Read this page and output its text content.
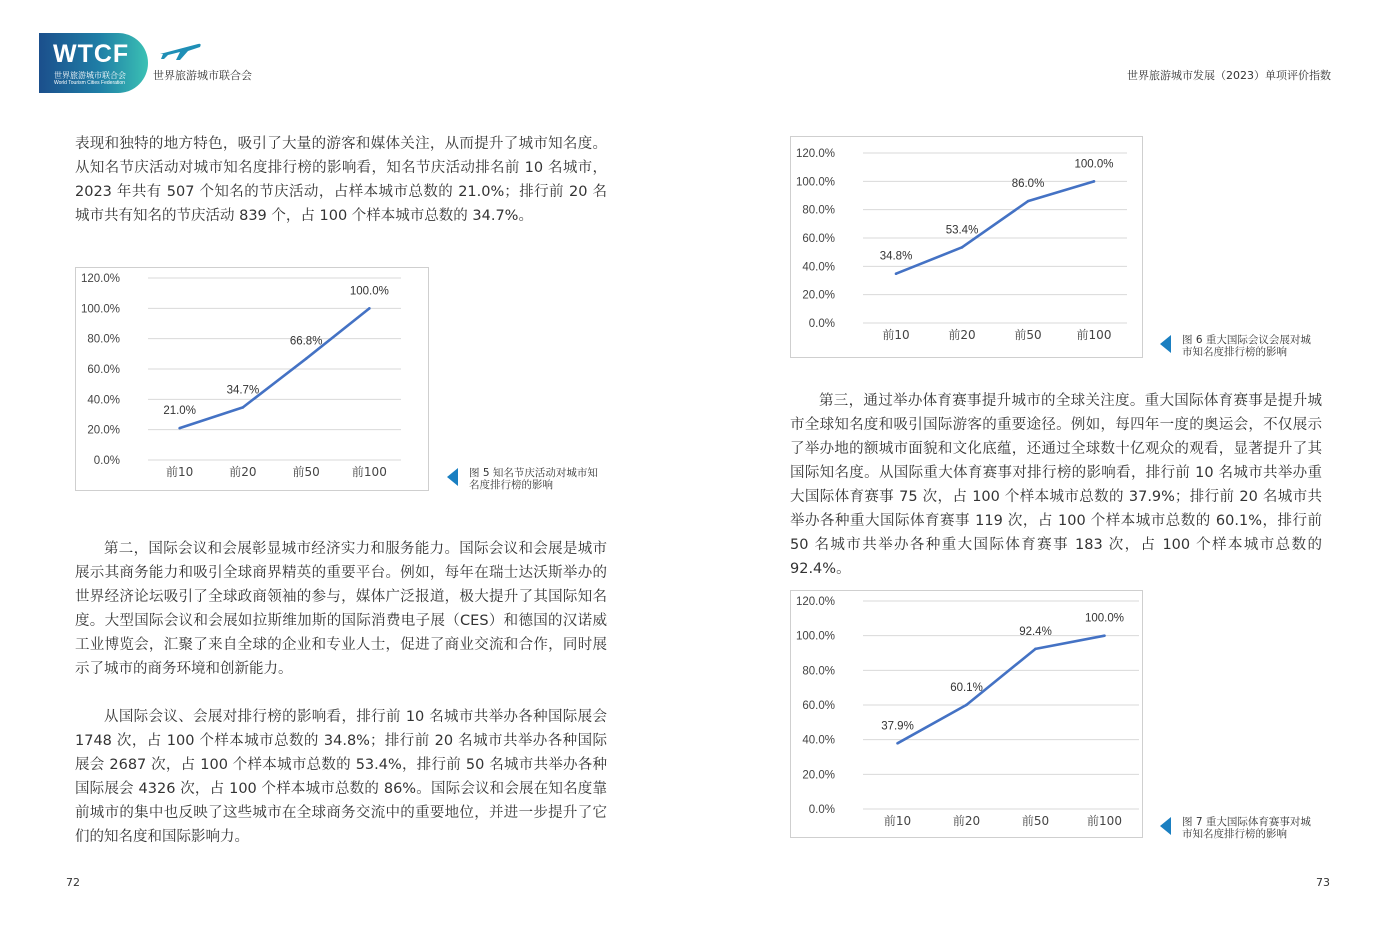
WTCF
世界旅游城市联合会
World Tourism Cities Federation
世界旅游城市联合会	世界旅游城市发展（2023）单项评价指数

表现和独特的地方特色，吸引了大量的游客和媒体关注，从而提升了城市知名度。从知名节庆活动对城市知名度排行榜的影响看，知名节庆活动排名前 10 名城市，2023 年共有 507 个知名的节庆活动，占样本城市总数的 21.0%；排行前 20 名城市共有知名的节庆活动 839 个，占 100 个样本城市总数的 34.7%。

0.0%
20.0%
40.0%
60.0%
80.0%
100.0%
120.0%
前10	前20	前50	前100
21.0%
34.7%
66.8%
100.0%
图 5 知名节庆活动对城市知名度排行榜的影响

第二，国际会议和会展彰显城市经济实力和服务能力。国际会议和会展是城市展示其商务能力和吸引全球商界精英的重要平台。例如，每年在瑞士达沃斯举办的世界经济论坛吸引了全球政商领袖的参与，媒体广泛报道，极大提升了其国际知名度。大型国际会议和会展如拉斯维加斯的国际消费电子展（CES）和德国的汉诺威工业博览会，汇聚了来自全球的企业和专业人士，促进了商业交流和合作，同时展示了城市的商务环境和创新能力。

从国际会议、会展对排行榜的影响看，排行前 10 名城市共举办各种国际展会 1748 次，占 100 个样本城市总数的 34.8%；排行前 20 名城市共举办各种国际展会 2687 次，占 100 个样本城市总数的 53.4%，排行前 50 名城市共举办各种国际展会 4326 次，占 100 个样本城市总数的 86%。国际会议和会展在知名度靠前城市的集中也反映了这些城市在全球商务交流中的重要地位，并进一步提升了它们的知名度和国际影响力。

72
0.0%
20.0%
40.0%
60.0%
80.0%
100.0%
120.0%
前10	前20	前50	前100
34.8%
53.4%
86.0%
100.0%
图 6 重大国际会议会展对城市知名度排行榜的影响

第三，通过举办体育赛事提升城市的全球关注度。重大国际体育赛事是提升城市全球知名度和吸引国际游客的重要途径。例如，每四年一度的奥运会，不仅展示了举办地的额城市面貌和文化底蕴，还通过全球数十亿观众的观看，显著提升了其国际知名度。从国际重大体育赛事对排行榜的影响看，排行前 10 名城市共举办重大国际体育赛事 75 次，占 100 个样本城市总数的 37.9%；排行前 20 名城市共举办各种重大国际体育赛事 119 次，占 100 个样本城市总数的 60.1%，排行前 50 名城市共举办各种重大国际体育赛事 183 次，占 100 个样本城市总数的 92.4%。

0.0%
20.0%
40.0%
60.0%
80.0%
100.0%
120.0%
前10	前20	前50	前100
37.9%
60.1%
92.4%
100.0%
图 7 重大国际体育赛事对城市知名度排行榜的影响
73
